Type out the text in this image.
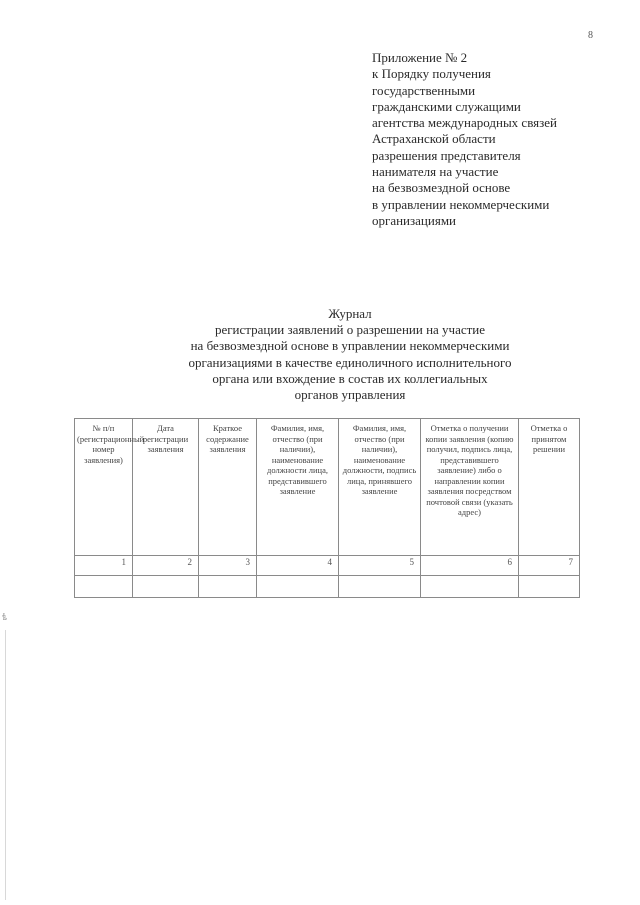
8
Приложение № 2
к Порядку получения
государственными
гражданскими служащими
агентства международных связей
Астраханской области
разрешения представителя
нанимателя на участие
на безвозмездной основе
в управлении некоммерческими
организациями
Журнал
регистрации заявлений о разрешении на участие
на безвозмездной основе в управлении некоммерческими
организациями в качестве единоличного исполнительного
органа или вхождение в состав их коллегиальных
органов управления
№ п/п (регистрационный номер заявления)	Дата регистрации заявления	Краткое содержание заявления	Фамилия, имя, отчество (при наличии), наименование должности лица, представившего заявление	Фамилия, имя, отчество (при наличии), наименование должности, подпись лица, принявшего заявление	Отметка о получении копии заявления (копию получил, подпись лица, представившего заявление) либо о направлении копии заявления посредством почтовой связи (указать адрес)	Отметка о принятом решении
1	2	3	4	5	6	7

ѣ
